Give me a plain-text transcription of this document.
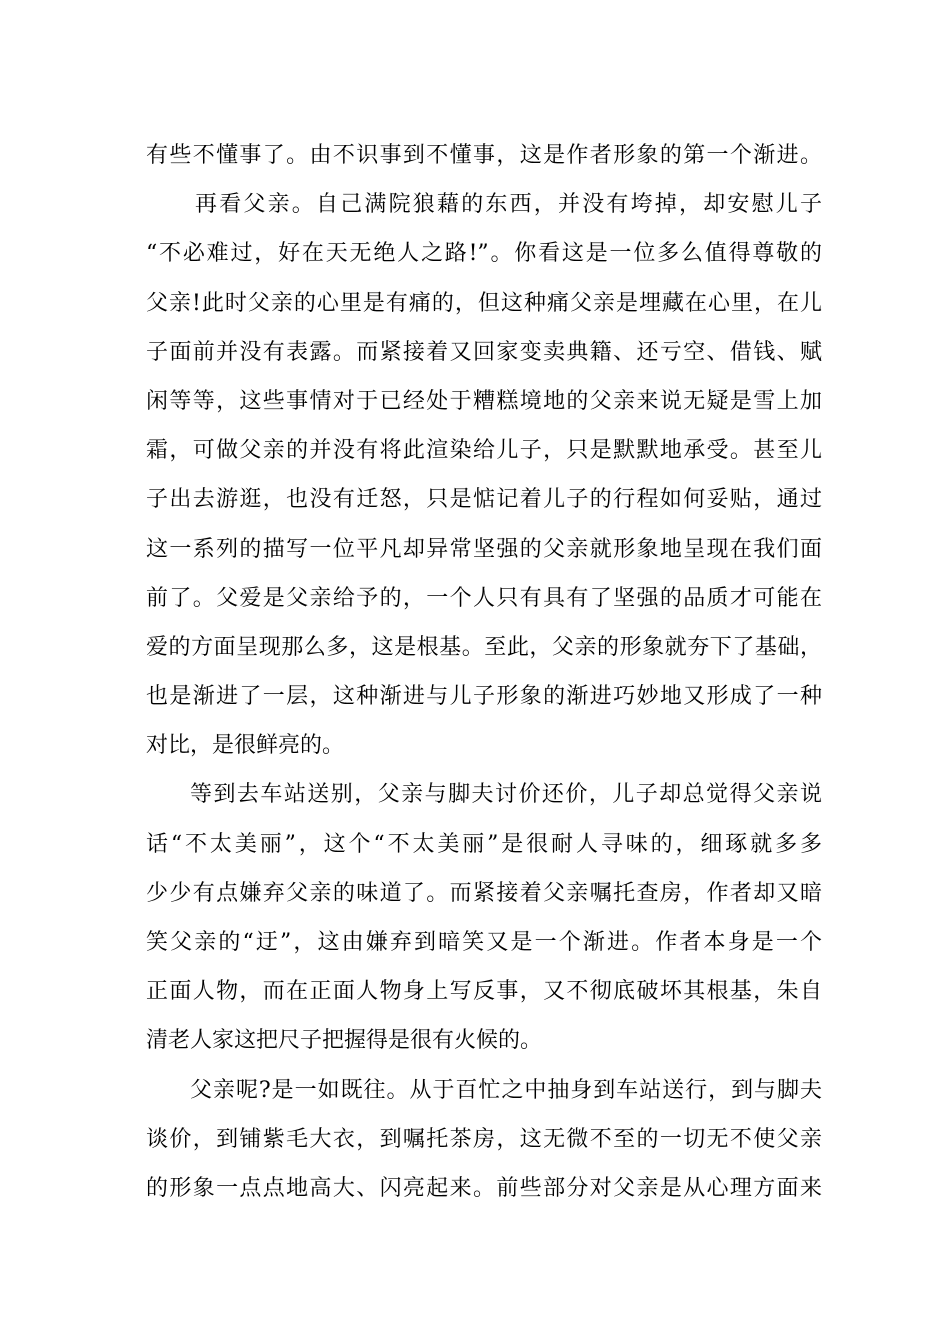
有些不懂事了。由不识事到不懂事，这是作者形象的第一个渐进。
再看父亲。自己满院狼藉的东西，并没有垮掉，却安慰儿子
“不必难过，好在天无绝人之路!”。你看这是一位多么值得尊敬的
父亲!此时父亲的心里是有痛的，但这种痛父亲是埋藏在心里，在儿
子面前并没有表露。而紧接着又回家变卖典籍、还亏空、借钱、赋
闲等等，这些事情对于已经处于糟糕境地的父亲来说无疑是雪上加
霜，可做父亲的并没有将此渲染给儿子，只是默默地承受。甚至儿
子出去游逛，也没有迁怒，只是惦记着儿子的行程如何妥贴，通过
这一系列的描写一位平凡却异常坚强的父亲就形象地呈现在我们面
前了。父爱是父亲给予的，一个人只有具有了坚强的品质才可能在
爱的方面呈现那么多，这是根基。至此，父亲的形象就夯下了基础，
也是渐进了一层，这种渐进与儿子形象的渐进巧妙地又形成了一种
对比，是很鲜亮的。
等到去车站送别，父亲与脚夫讨价还价，儿子却总觉得父亲说
话“不太美丽”，这个“不太美丽”是很耐人寻味的，细琢就多多
少少有点嫌弃父亲的味道了。而紧接着父亲嘱托查房，作者却又暗
笑父亲的“迂”，这由嫌弃到暗笑又是一个渐进。作者本身是一个
正面人物，而在正面人物身上写反事，又不彻底破坏其根基，朱自
清老人家这把尺子把握得是很有火候的。
父亲呢?是一如既往。从于百忙之中抽身到车站送行，到与脚夫
谈价，到铺紫毛大衣，到嘱托茶房，这无微不至的一切无不使父亲
的形象一点点地高大、闪亮起来。前些部分对父亲是从心理方面来
